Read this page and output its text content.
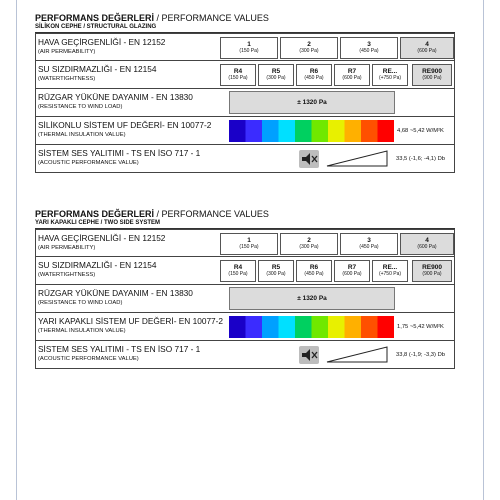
PERFORMANS DEĞERLERİ / PERFORMANCE VALUES
SİLİKON CEPHE / STRUCTURAL GLAZING
HAVA GEÇİRGENLİĞİ - EN 12152
(AIR PERMEABILITY)
1
(150 Pa)
2
(300 Pa)
3
(450 Pa)
4
(600 Pa)
SU SIZDIRMAZLIĞI - EN 12154
(WATERTIGHTNESS)
R4
(150 Pa)
R5
(300 Pa)
R6
(450 Pa)
R7
(600 Pa)
RE...
(+750 Pa)
RE900
(900 Pa)
RÜZGAR YÜKÜNE DAYANIM - EN 13830
(RESISTANCE TO WIND LOAD)
± 1320 Pa
SİLİKONLU SİSTEM UF DEĞERİ- EN 10077-2
(THERMAL INSULATION VALUE)
4,68 ~5,42 W/M²K
SİSTEM SES YALITIMI - TS EN İSO 717 - 1
(ACOUSTIC PERFORMANCE VALUE)
33,5 (-1,6; -4,1) Db
PERFORMANS DEĞERLERİ / PERFORMANCE VALUES
YARI KAPAKLI CEPHE / TWO SIDE SYSTEM
HAVA GEÇİRGENLİĞİ - EN 12152
(AIR PERMEABILITY)
1
(150 Pa)
2
(300 Pa)
3
(450 Pa)
4
(600 Pa)
SU SIZDIRMAZLIĞI - EN 12154
(WATERTIGHTNESS)
R4
(150 Pa)
R5
(300 Pa)
R6
(450 Pa)
R7
(600 Pa)
RE...
(+750 Pa)
RE900
(900 Pa)
RÜZGAR YÜKÜNE DAYANIM - EN 13830
(RESISTANCE TO WIND LOAD)
± 1320 Pa
YARI KAPAKLI SİSTEM UF DEĞERİ- EN 10077-2
(THERMAL INSULATION VALUE)
1,75 ~5,42 W/M²K
SİSTEM SES YALITIMI - TS EN İSO 717 - 1
(ACOUSTIC PERFORMANCE VALUE)
33,8 (-1,9; -3,3) Db
